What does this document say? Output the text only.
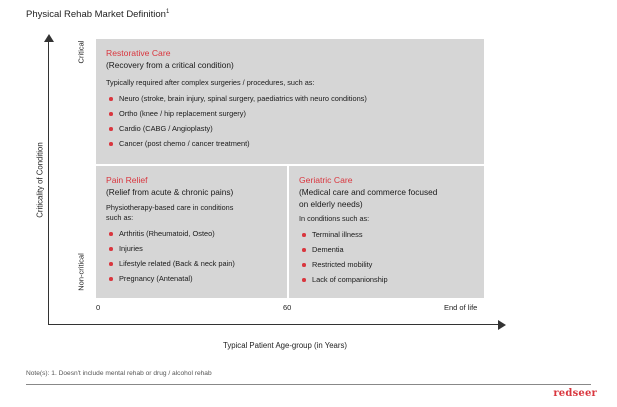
Physical Rehab Market Definition$^1$
Criticality of Condition
Critical
Non-critical
0	60	End of life
Typical Patient Age-group (in Years)
Restorative Care
(Recovery from a critical condition)
Typically required after complex surgeries / procedures, such as:
Neuro (stroke, brain injury, spinal surgery, paediatrics with neuro conditions)
Ortho (knee / hip replacement surgery)
Cardio (CABG / Angioplasty)
Cancer (post chemo / cancer treatment)
Pain Relief
(Relief from acute & chronic pains)
Physiotherapy-based care in conditions
such as:
Arthritis (Rheumatoid, Osteo)
Injuries
Lifestyle related (Back & neck pain)
Pregnancy (Antenatal)
Geriatric Care
(Medical care and commerce focused
on elderly needs)
In conditions such as:
Terminal illness
Dementia
Restricted mobility
Lack of companionship
Note(s): 1. Doesn't include mental rehab or drug / alcohol rehab
redseer
